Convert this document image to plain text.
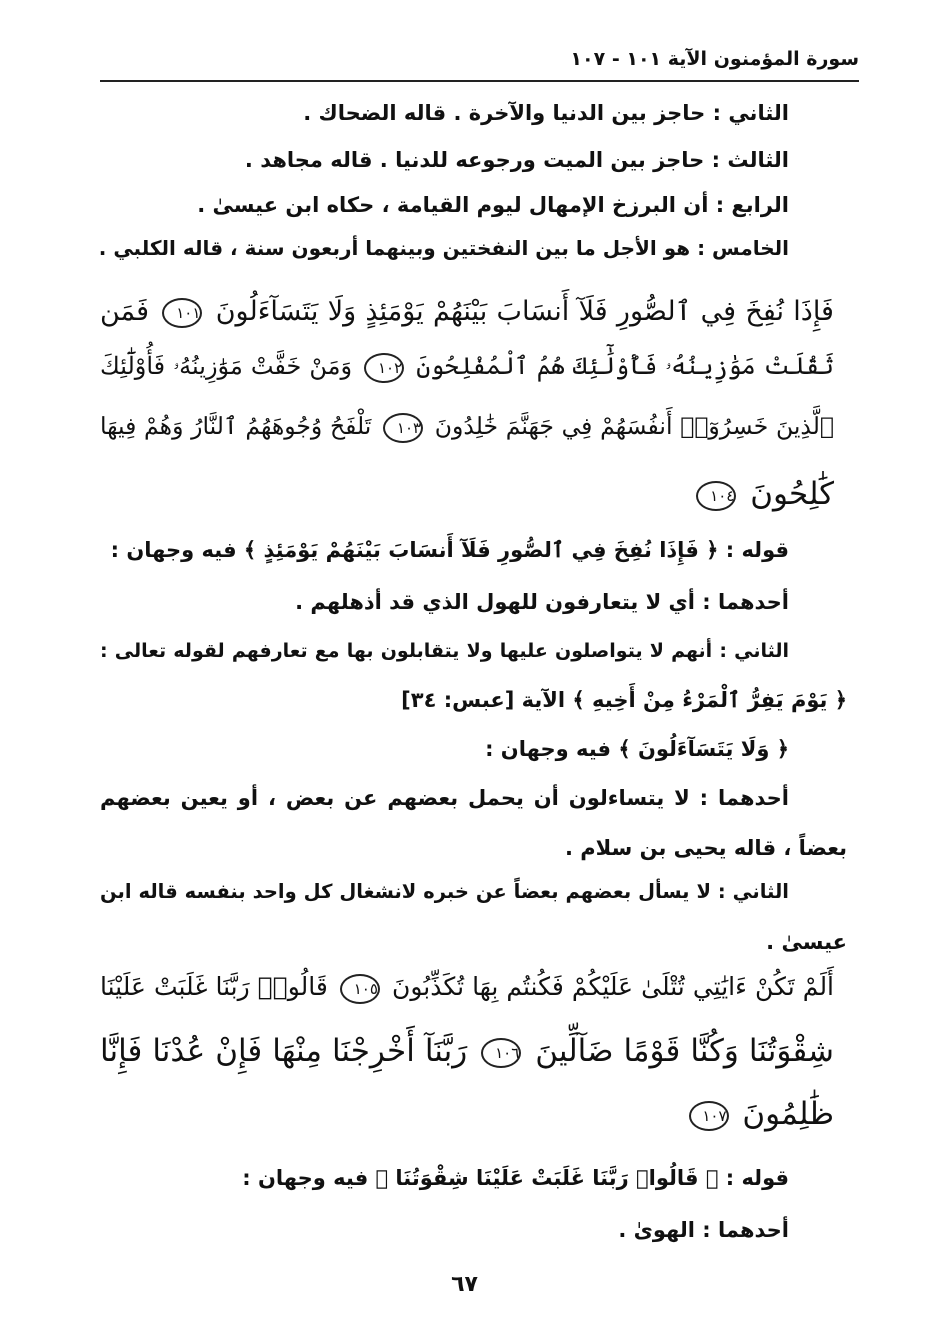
سورة المؤمنون الآية ١٠١ - ١٠٧
الثاني : حاجز بين الدنيا والآخرة . قاله الضحاك .
الثالث : حاجز بين الميت ورجوعه للدنيا . قاله مجاهد .
الرابع : أن البرزخ الإمهال ليوم القيامة ، حكاه ابن عيسىٰ .
الخامس : هو الأجل ما بين النفختين وبينهما أربعون سنة ، قاله الكلبي .
فَإِذَا نُفِخَ فِي ٱلصُّورِ فَلَآ أَنسَابَ بَيْنَهُمْ يَوْمَئِذٍ وَلَا يَتَسَآءَلُونَ ١٠١ فَمَن
ثَقُلَتْ مَوَٰزِينُهُۥ فَأُوْلَٰٓئِكَ هُمُ ٱلْمُفْلِحُونَ ١٠٢ وَمَنْ خَفَّتْ مَوَٰزِينُهُۥ فَأُوْلَٰٓئِكَ
ٱلَّذِينَ خَسِرُوٓا۟ أَنفُسَهُمْ فِي جَهَنَّمَ خَٰلِدُونَ ١٠٣ تَلْفَحُ وُجُوهَهُمُ ٱلنَّارُ وَهُمْ فِيهَا
كَٰلِحُونَ ١٠٤
قوله : ﴿ فَإِذَا نُفِخَ فِي ٱلصُّورِ فَلَآ أَنسَابَ بَيْنَهُمْ يَوْمَئِذٍ ﴾ فيه وجهان :
أحدهما : أي لا يتعارفون للهول الذي قد أذهلهم .
الثاني : أنهم لا يتواصلون عليها ولا يتقابلون بها مع تعارفهم لقوله تعالى :
﴿ يَوْمَ يَفِرُّ ٱلْمَرْءُ مِنْ أَخِيهِ ﴾ الآية [عبس: ٣٤]
﴿ وَلَا يَتَسَآءَلُونَ ﴾ فيه وجهان :
أحدهما : لا يتساءلون أن يحمل بعضهم عن بعض ، أو يعين بعضهم
بعضاً ، قاله يحيى بن سلام .
الثاني : لا يسأل بعضهم بعضاً عن خبره لانشغال كل واحد بنفسه قاله ابن
عيسىٰ .
أَلَمْ تَكُنْ ءَايَٰتِي تُتْلَىٰ عَلَيْكُمْ فَكُنتُم بِهَا تُكَذِّبُونَ ١٠٥ قَالُوا۟ رَبَّنَا غَلَبَتْ عَلَيْنَا
شِقْوَتُنَا وَكُنَّا قَوْمًا ضَآلِّينَ ١٠٦ رَبَّنَآ أَخْرِجْنَا مِنْهَا فَإِنْ عُدْنَا فَإِنَّا
ظَٰلِمُونَ ١٠٧
قوله : ﴿ قَالُوا۟ رَبَّنَا غَلَبَتْ عَلَيْنَا شِقْوَتُنَا ﴾ فيه وجهان :
أحدهما : الهوىٰ .
٦٧
